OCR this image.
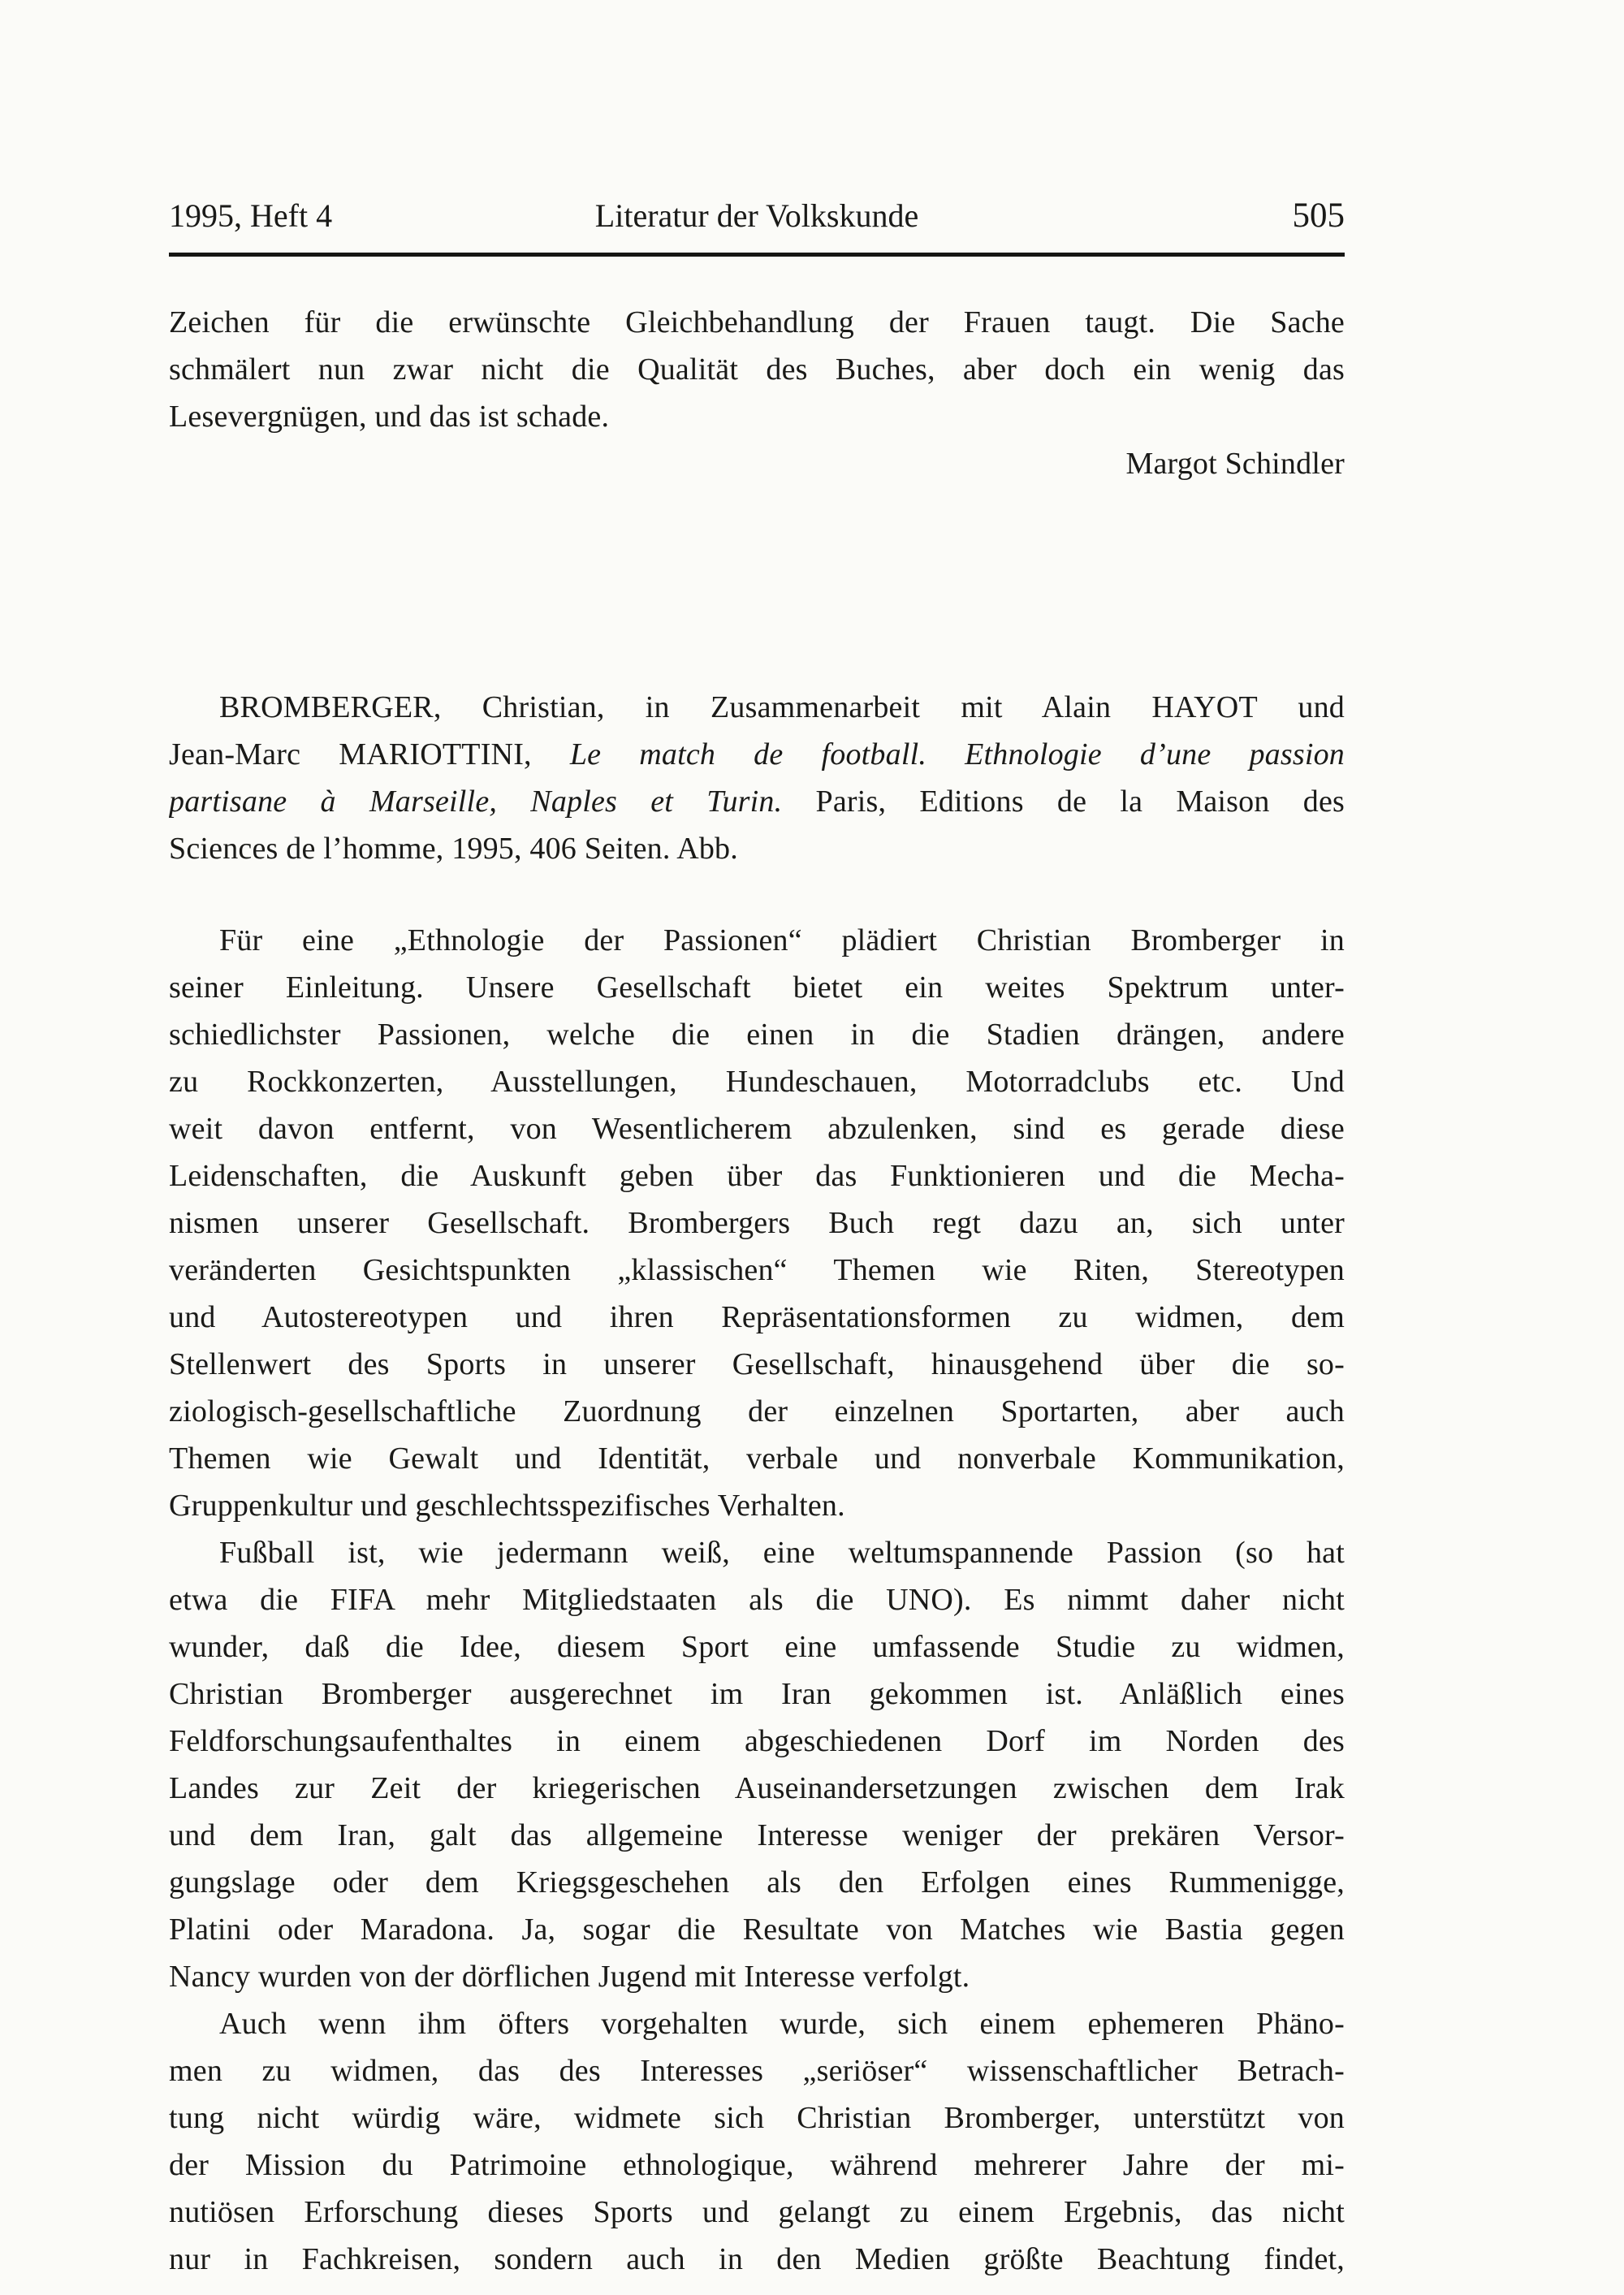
1995, Heft 4	Literatur der Volkskunde	505
Zeichen für die erwünschte Gleichbehandlung der Frauen taugt. Die Sache
schmälert nun zwar nicht die Qualität des Buches, aber doch ein wenig das
Lesevergnügen, und das ist schade.
Margot Schindler
BROMBERGER, Christian, in Zusammenarbeit mit Alain HAYOT und
Jean-Marc MARIOTTINI, Le match de football. Ethnologie d’une passion
partisane à Marseille, Naples et Turin. Paris, Editions de la Maison des
Sciences de l’homme, 1995, 406 Seiten. Abb.
Für eine „Ethnologie der Passionen“ plädiert Christian Bromberger in
seiner Einleitung. Unsere Gesellschaft bietet ein weites Spektrum unter-
schiedlichster Passionen, welche die einen in die Stadien drängen, andere
zu Rockkonzerten, Ausstellungen, Hundeschauen, Motorradclubs etc. Und
weit davon entfernt, von Wesentlicherem abzulenken, sind es gerade diese
Leidenschaften, die Auskunft geben über das Funktionieren und die Mecha-
nismen unserer Gesellschaft. Brombergers Buch regt dazu an, sich unter
veränderten Gesichtspunkten „klassischen“ Themen wie Riten, Stereotypen
und Autostereotypen und ihren Repräsentationsformen zu widmen, dem
Stellenwert des Sports in unserer Gesellschaft, hinausgehend über die so-
ziologisch-gesellschaftliche Zuordnung der einzelnen Sportarten, aber auch
Themen wie Gewalt und Identität, verbale und nonverbale Kommunikation,
Gruppenkultur und geschlechtsspezifisches Verhalten.
Fußball ist, wie jedermann weiß, eine weltumspannende Passion (so hat
etwa die FIFA mehr Mitgliedstaaten als die UNO). Es nimmt daher nicht
wunder, daß die Idee, diesem Sport eine umfassende Studie zu widmen,
Christian Bromberger ausgerechnet im Iran gekommen ist. Anläßlich eines
Feldforschungsaufenthaltes in einem abgeschiedenen Dorf im Norden des
Landes zur Zeit der kriegerischen Auseinandersetzungen zwischen dem Irak
und dem Iran, galt das allgemeine Interesse weniger der prekären Versor-
gungslage oder dem Kriegsgeschehen als den Erfolgen eines Rummenigge,
Platini oder Maradona. Ja, sogar die Resultate von Matches wie Bastia gegen
Nancy wurden von der dörflichen Jugend mit Interesse verfolgt.
Auch wenn ihm öfters vorgehalten wurde, sich einem ephemeren Phäno-
men zu widmen, das des Interesses „seriöser“ wissenschaftlicher Betrach-
tung nicht würdig wäre, widmete sich Christian Bromberger, unterstützt von
der Mission du Patrimoine ethnologique, während mehrerer Jahre der mi-
nutiösen Erforschung dieses Sports und gelangt zu einem Ergebnis, das nicht
nur in Fachkreisen, sondern auch in den Medien größte Beachtung findet,
